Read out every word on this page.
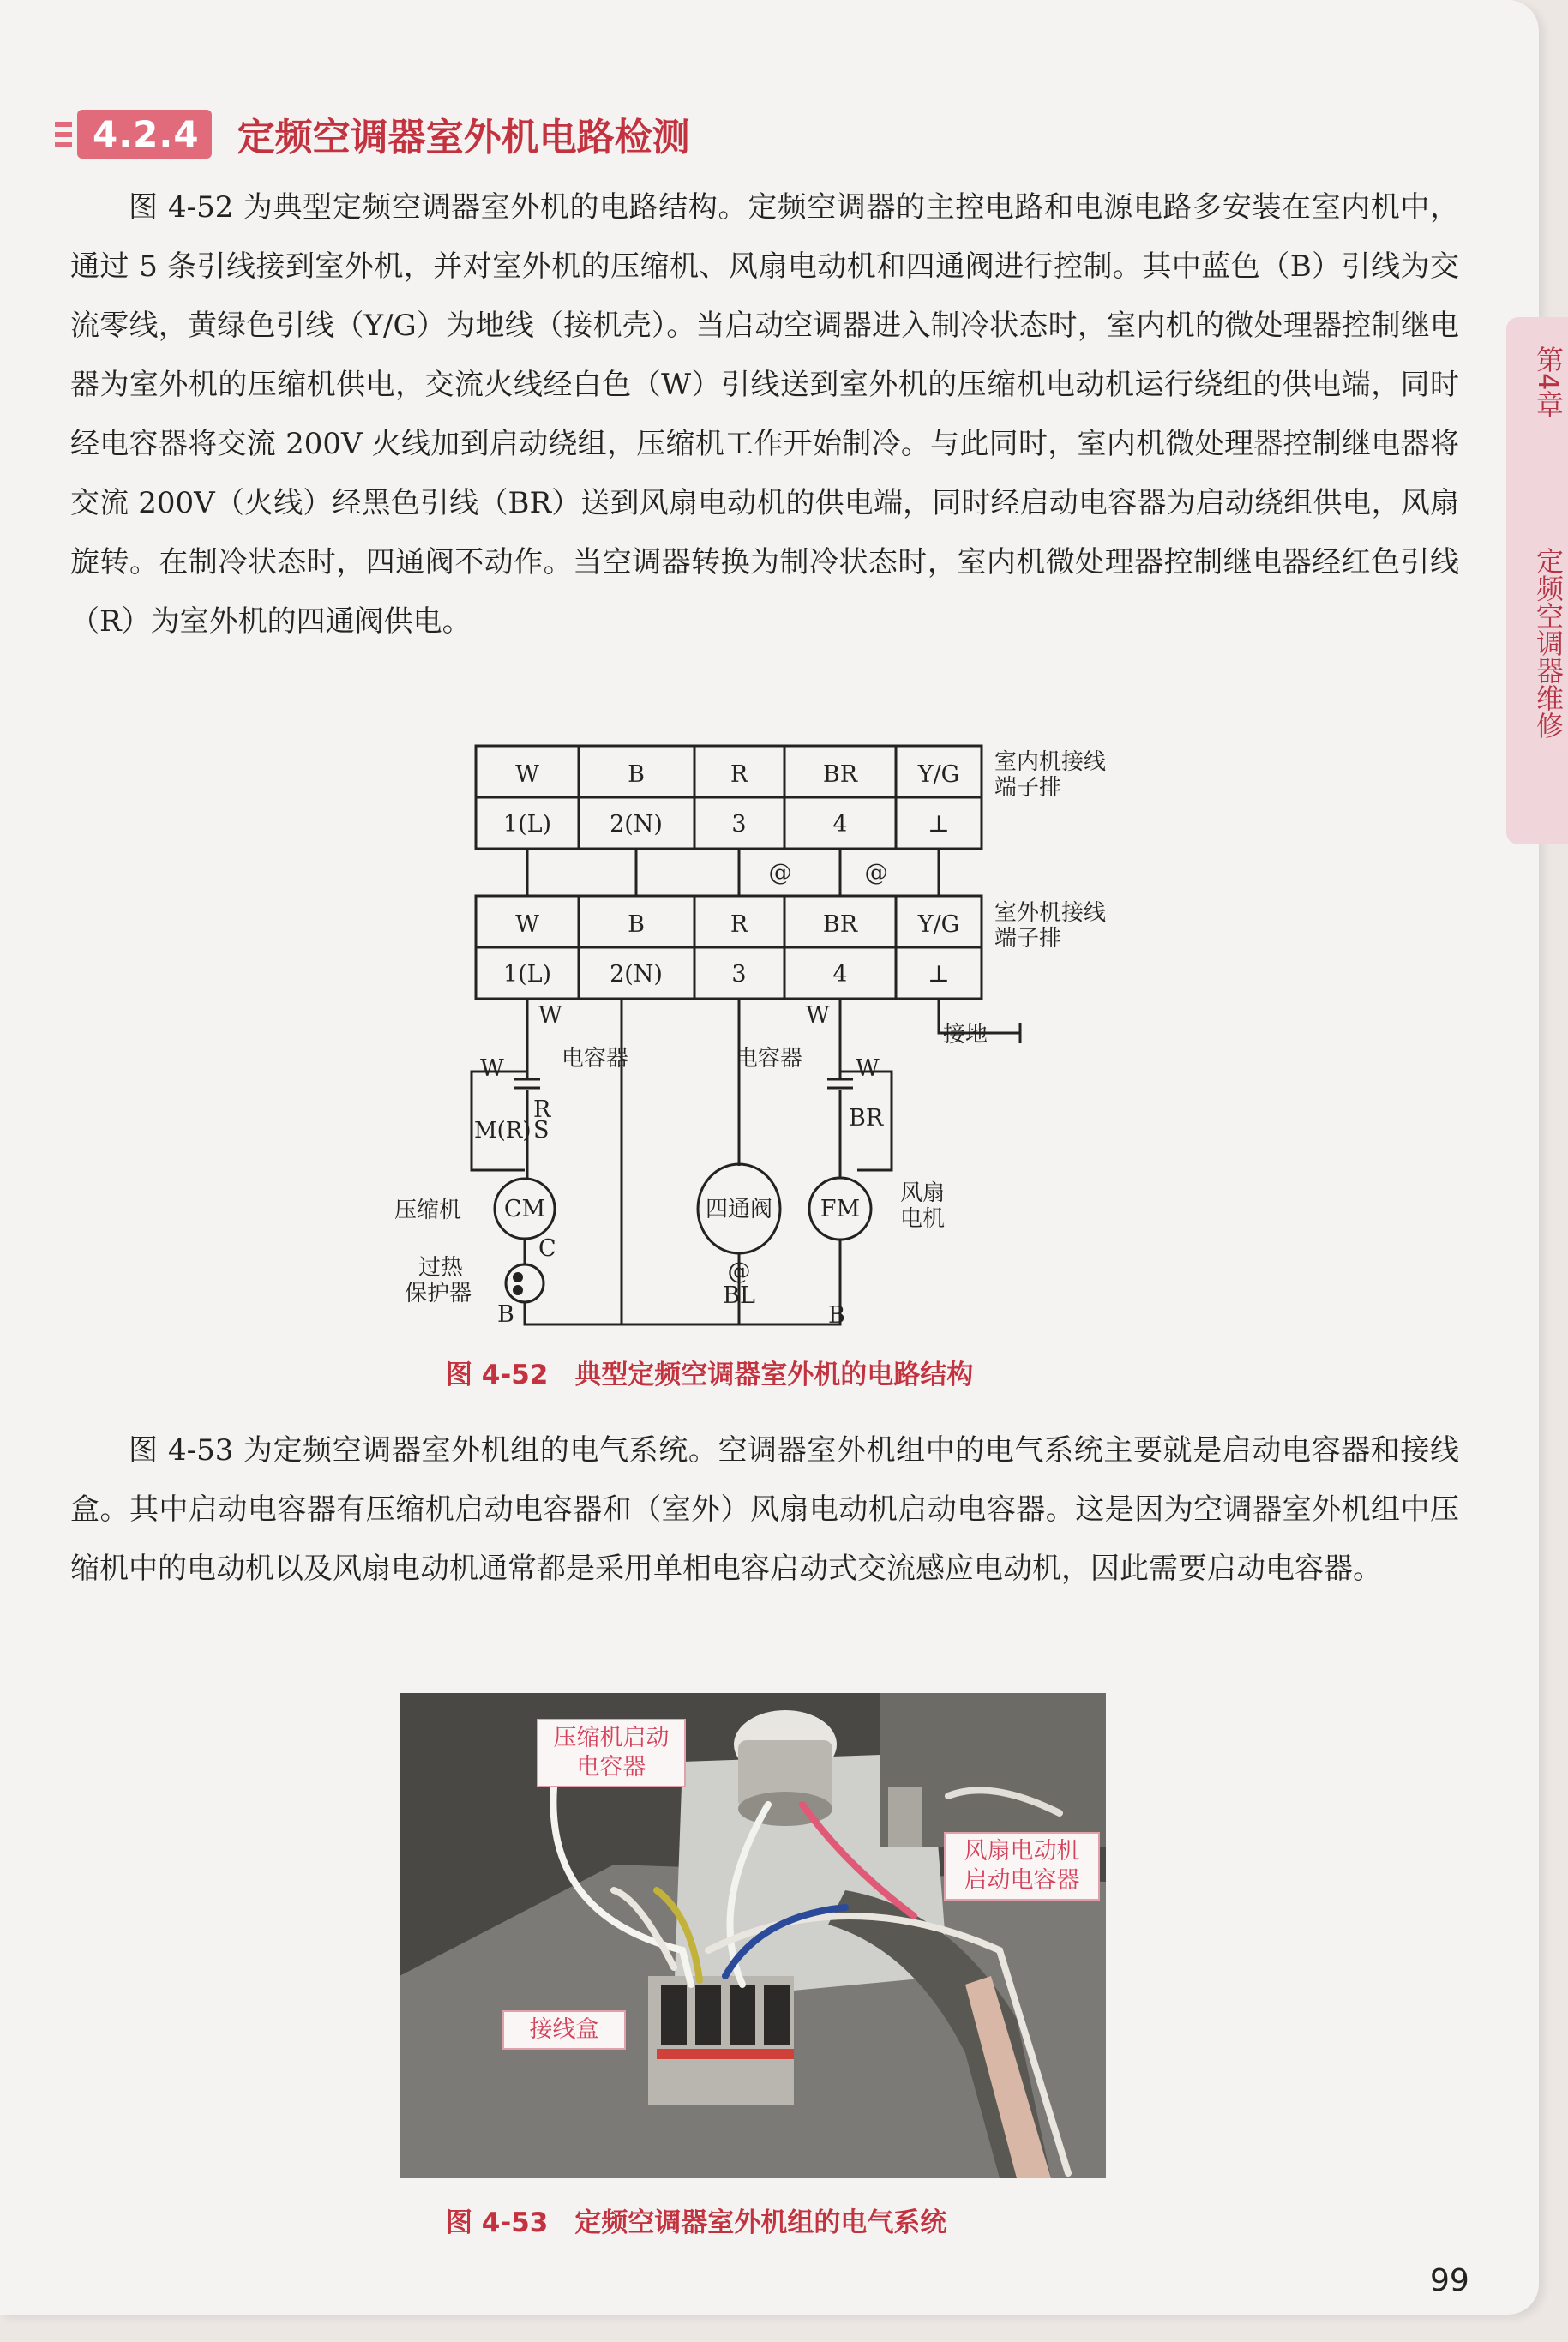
4.2.4	定频空调器室外机电路检测

图 4-52 为典型定频空调器室外机的电路结构。定频空调器的主控电路和电源电路多安装在室内机中，通过 5 条引线接到室外机，并对室外机的压缩机、风扇电动机和四通阀进行控制。其中蓝色（B）引线为交流零线，黄绿色引线（Y/G）为地线（接机壳）。当启动空调器进入制冷状态时，室内机的微处理器控制继电器为室外机的压缩机供电，交流火线经白色（W）引线送到室外机的压缩机电动机运行绕组的供电端，同时经电容器将交流 200V 火线加到启动绕组，压缩机工作开始制冷。与此同时，室内机微处理器控制继电器将交流 200V（火线）经黑色引线（BR）送到风扇电动机的供电端，同时经启动电容器为启动绕组供电，风扇旋转。在制冷状态时，四通阀不动作。当空调器转换为制冷状态时，室内机微处理器控制继电器经红色引线（R）为室外机的四通阀供电。

W	B	R	BR	Y/G
1(L)	2(N)	3	4	⊥
室内机接线
端子排
@	@
W	B	R	BR	Y/G
1(L)	2(N)	3	4	⊥
室外机接线
端子排
W
电容器
W
R
S
M(R)
CM
压缩机
C
过热
保护器
B
四通阀
@
BL
W
电容器 W
BR
FM
风扇
电机
B
接地
图 4-52　典型定频空调器室外机的电路结构

图 4-53 为定频空调器室外机组的电气系统。空调器室外机组中的电气系统主要就是启动电容器和接线盒。其中启动电容器有压缩机启动电容器和（室外）风扇电动机启动电容器。这是因为空调器室外机组中压缩机中的电动机以及风扇电动机通常都是采用单相电容启动式交流感应电动机，因此需要启动电容器。

压缩机启动电容器
风扇电动机启动电容器
接线盒
图 4-53　定频空调器室外机组的电气系统
第4章
定频空调器维修
99
